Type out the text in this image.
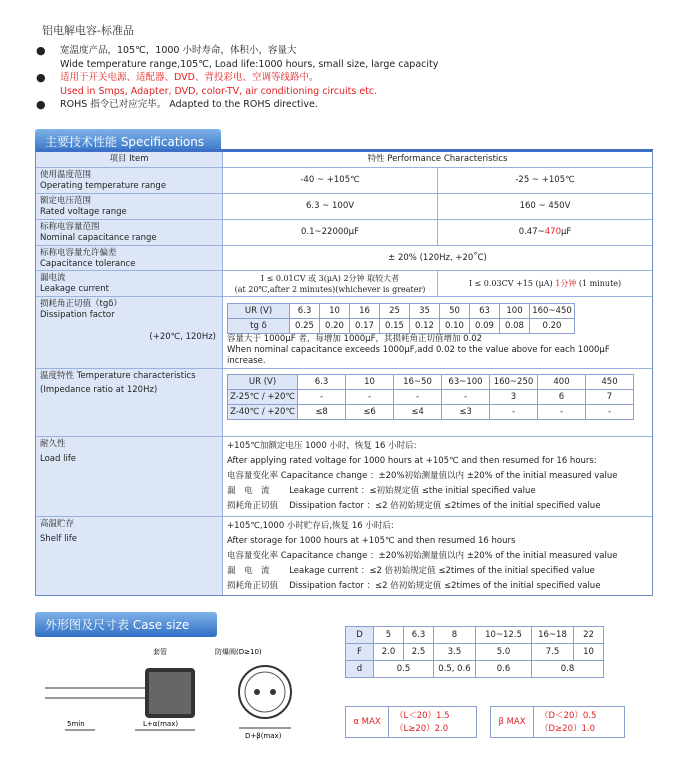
铝电解电容-标准品
●	宽温度产品，105℃，1000 小时寿命，体积小，容量大
Wide temperature range,105℃, Load life:1000 hours, small size, large capacity
●	适用于开关电源、适配器、DVD、背投彩电、空调等线路中。
Used in Smps, Adapter, DVD, color-TV, air conditioning circuits etc.
●	ROHS 指令已对应完毕。 Adapted to the ROHS directive.
主要技术性能 Specifications
项目 Item	特性 Performance Characteristics
使用温度范围
Operating temperature range
-40 ~ +105℃	-25 ~ +105℃
额定电压范围
Rated voltage range
6.3 ~ 100V	160 ~ 450V
标称电容量范围
Nominal capacitance range
0.1~22000μF	0.47~ 470 μF
标称电容量允许偏差
Capacitance tolerance
± 20% (120Hz, +20˚C)
漏电流
Leakage current
I ≤ 0.01CV 或 3(μA) 2分钟 取较大者
(at 20℃,after 2 minutes)(whichever is greater)
I ≤ 0.03CV +15 (μA)
1分钟
(1 minute)
损耗角正切值（tgδ）
Dissipation factor
(+20℃, 120Hz)
UR (V)	6.3	10	16	25	35	50	63	100	160~450
tg δ	0.25	0.20	0.17	0.15	0.12	0.10	0.09	0.08	0.20
容量大于 1000μF 者，每增加 1000μF，其损耗角正切值增加 0.02
When nominal capacitance exceeds 1000μF,add 0.02 to the value above for each 1000μF increase.
温度特性 Temperature characteristics
(Impedance ratio at 120Hz)
UR (V)	6.3	10	16~50	63~100	160~250	400	450
Z-25℃ / +20℃	-	-	-	-	3	6	7
Z-40℃ / +20℃	≤8	≤6	≤4	≤3	-	-	-
耐久性
Load life
+105℃加额定电压 1000 小时，恢复 16 小时后:
After applying rated voltage for 1000 hours at +105℃ and then resumed for 16 hours:
电容量变化率 Capacitance change ：±20%初始测量值以内 ±20% of the initial measured value
漏　电　流　　 Leakage current ：≤初始规定值 ≤the initial specified value
损耗角正切值　 Dissipation factor ：≤2 倍初始规定值 ≤2times of the initial specified value
高温贮存
Shelf life
+105℃,1000 小时贮存后,恢复 16 小时后:
After storage for 1000 hours at +105℃ and then resumed 16 hours
电容量变化率 Capacitance change ：±20%初始测量值以内 ±20% of the initial measured value
漏　电　流　　 Leakage current ：≤2 倍初始规定值 ≤2times of the initial specified value
损耗角正切值　 Dissipation factor ：≤2 倍初始规定值 ≤2times of the initial specified value
外形图及尺寸表 Case size
套管	防爆阀(D≥10)
5min	L+α(max)
D+β(max)
D	5	6.3	8	10~12.5	16~18	22
F	2.0	2.5	3.5	5.0	7.5	10
d	0.5		0.5, 0.6	0.6	0.8	
α MAX
（L＜20）1.5
（L≥20）2.0
β MAX
（D＜20）0.5
（D≥20）1.0
